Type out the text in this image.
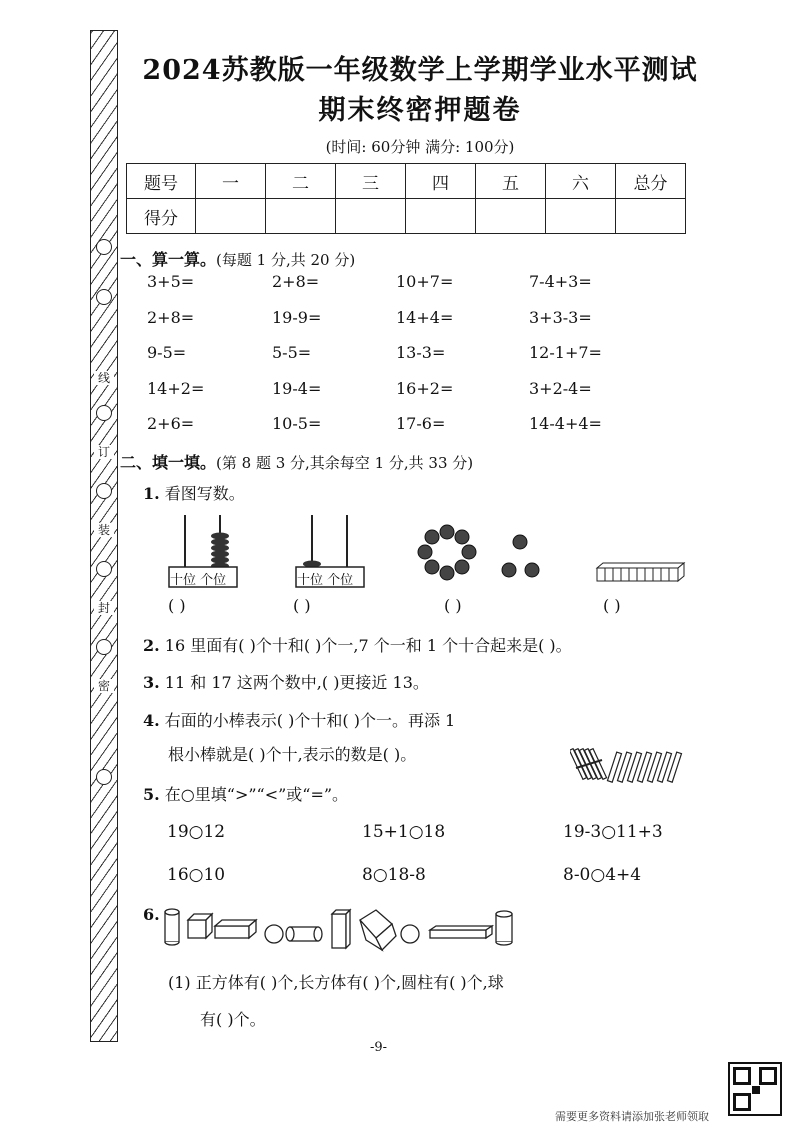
线
订
装
封
密
2024苏教版一年级数学上学期学业水平测试
期末终密押题卷
(时间: 60分钟 满分: 100分)
题号	一	二	三	四	五	六	总分
得分							
一、算一算。(每题 1 分,共 20 分)
3+5=	2+8=	10+7=	7-4+3=
2+8=	19-9=	14+4=	3+3-3=
9-5=	5-5=	13-3=	12-1+7=
14+2=	19-4=	16+2=	3+2-4=
2+6=	10-5=	17-6=	14-4+4=
二、填一填。(第 8 题 3 分,其余每空 1 分,共 33 分)
1. 看图写数。
十位 个位	十位 个位
( )	( )	( )	( )
2. 16 里面有( )个十和( )个一,7 个一和 1 个十合起来是( )。
3. 11 和 17 这两个数中,( )更接近 13。
4. 右面的小棒表示( )个十和( )个一。再添 1
根小棒就是( )个十,表示的数是( )。
5. 在○里填“>”“<”或“=”。
19○12	15+1○18	19-3○11+3
16○10	8○18-8	8-0○4+4
6.
(1) 正方体有( )个,长方体有( )个,圆柱有( )个,球
有( )个。
-9-
需要更多资料请添加张老师领取
